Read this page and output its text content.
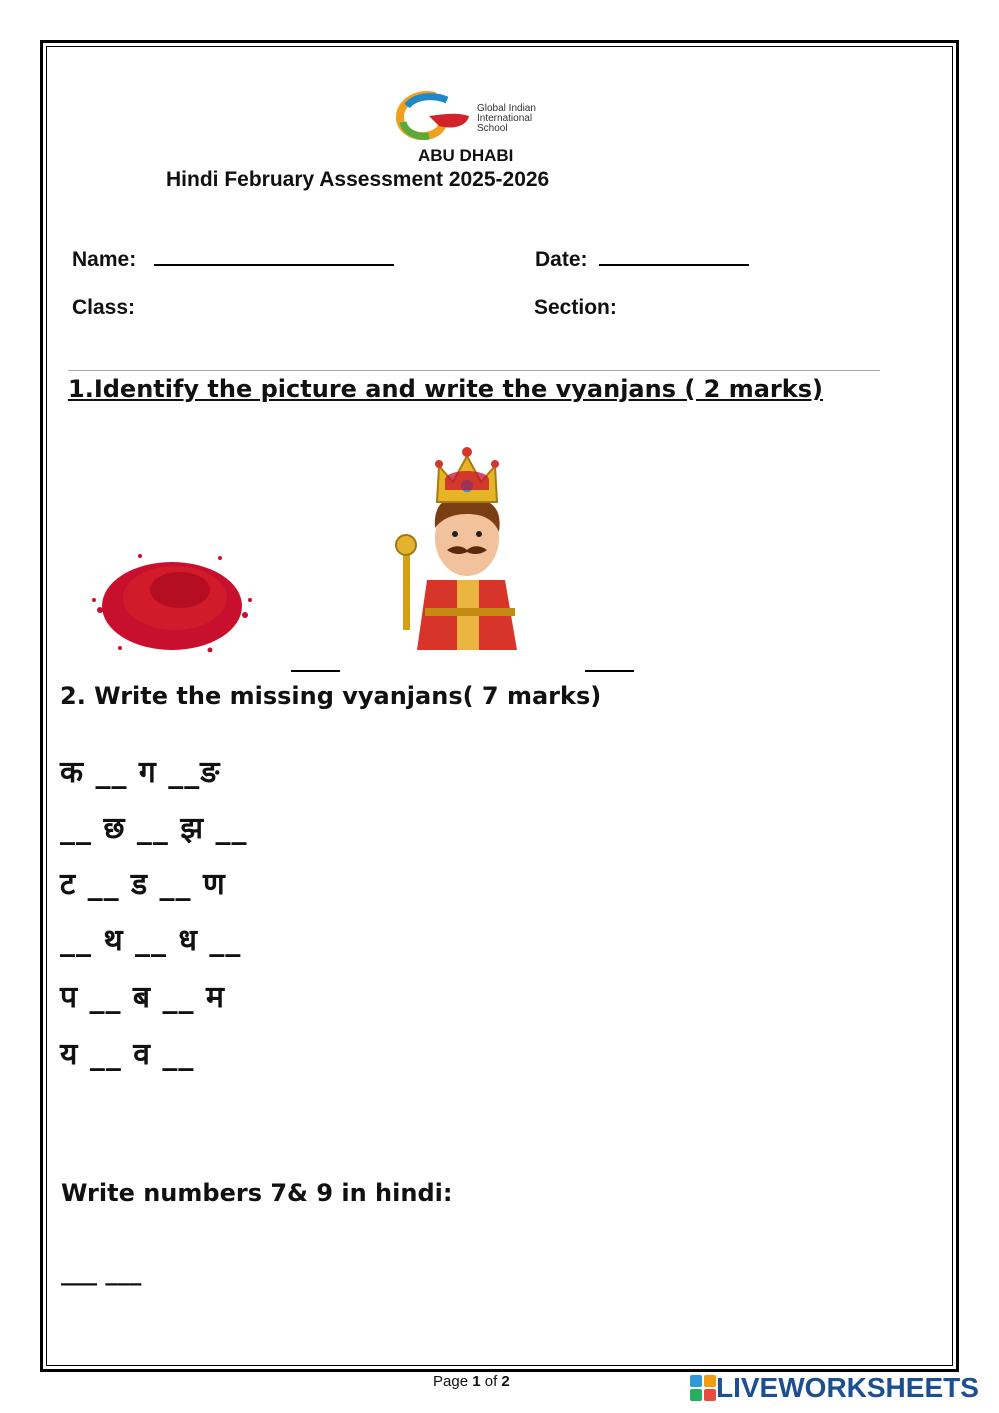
Global Indian
International
School
ABU DHABI
Hindi February Assessment 2025-2026
Name:	Date:
Class:	Section:
1.Identify the picture and write the vyanjans ( 2 marks)
2. Write the missing vyanjans( 7 marks)
क __ ग __ङ
__ छ __ झ __
ट __ ड __ ण
__ थ __ ध __
प __ ब __ म
य __ व __
Write numbers 7& 9 in hindi:
___ ___
Page 1 of 2	LIVEWORKSHEETS
